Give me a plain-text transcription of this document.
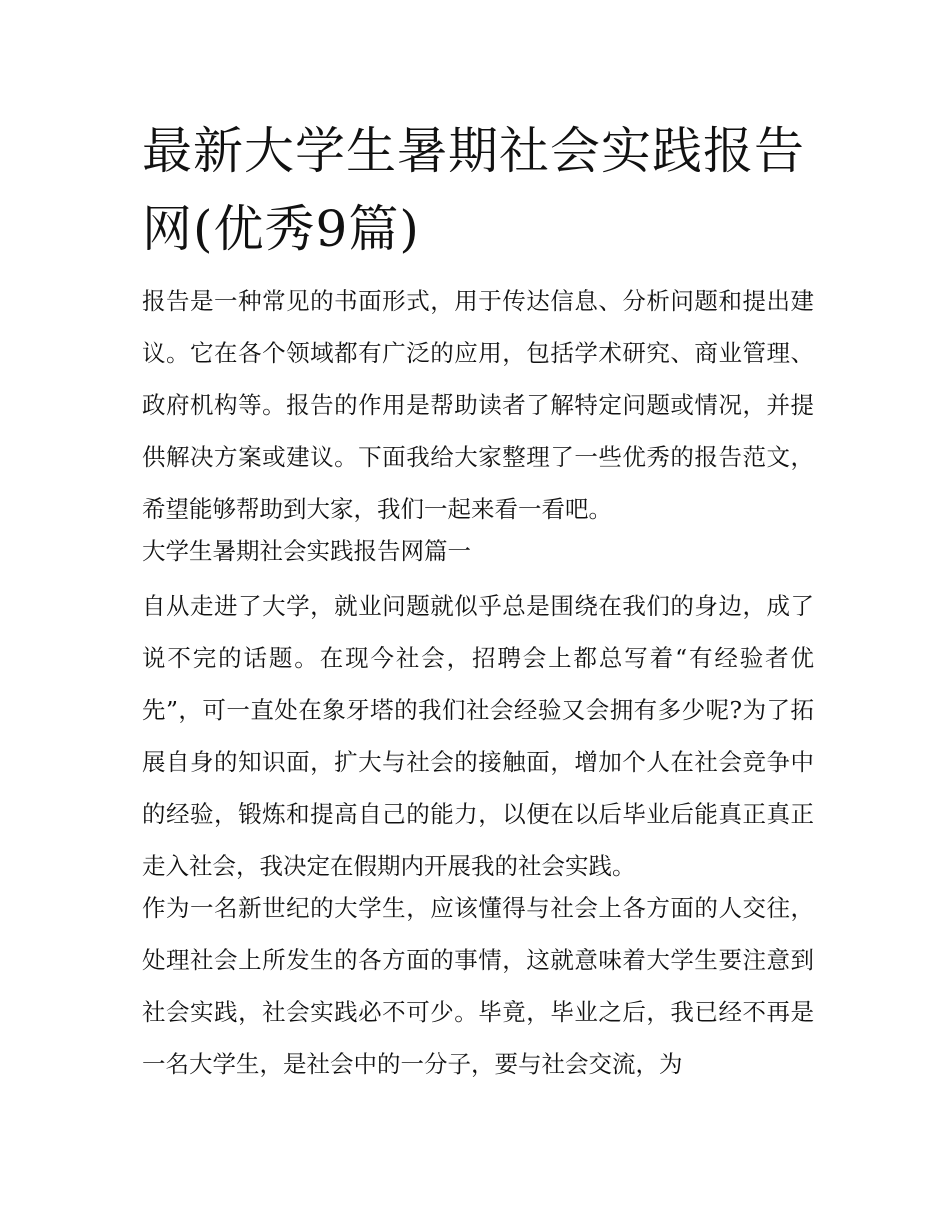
最新大学生暑期社会实践报告网(优秀9篇)

报告是一种常见的书面形式，用于传达信息、分析问题和提出建议。它在各个领域都有广泛的应用，包括学术研究、商业管理、政府机构等。报告的作用是帮助读者了解特定问题或情况，并提供解决方案或建议。下面我给大家整理了一些优秀的报告范文，希望能够帮助到大家，我们一起来看一看吧。

大学生暑期社会实践报告网篇一

自从走进了大学，就业问题就似乎总是围绕在我们的身边，成了说不完的话题。在现今社会，招聘会上都总写着“有经验者优先”，可一直处在象牙塔的我们社会经验又会拥有多少呢?为了拓展自身的知识面，扩大与社会的接触面，增加个人在社会竞争中的经验，锻炼和提高自己的能力，以便在以后毕业后能真正真正走入社会，我决定在假期内开展我的社会实践。

作为一名新世纪的大学生，应该懂得与社会上各方面的人交往，处理社会上所发生的各方面的事情，这就意味着大学生要注意到社会实践，社会实践必不可少。毕竟，毕业之后，我已经不再是一名大学生，是社会中的一分子，要与社会交流，为
